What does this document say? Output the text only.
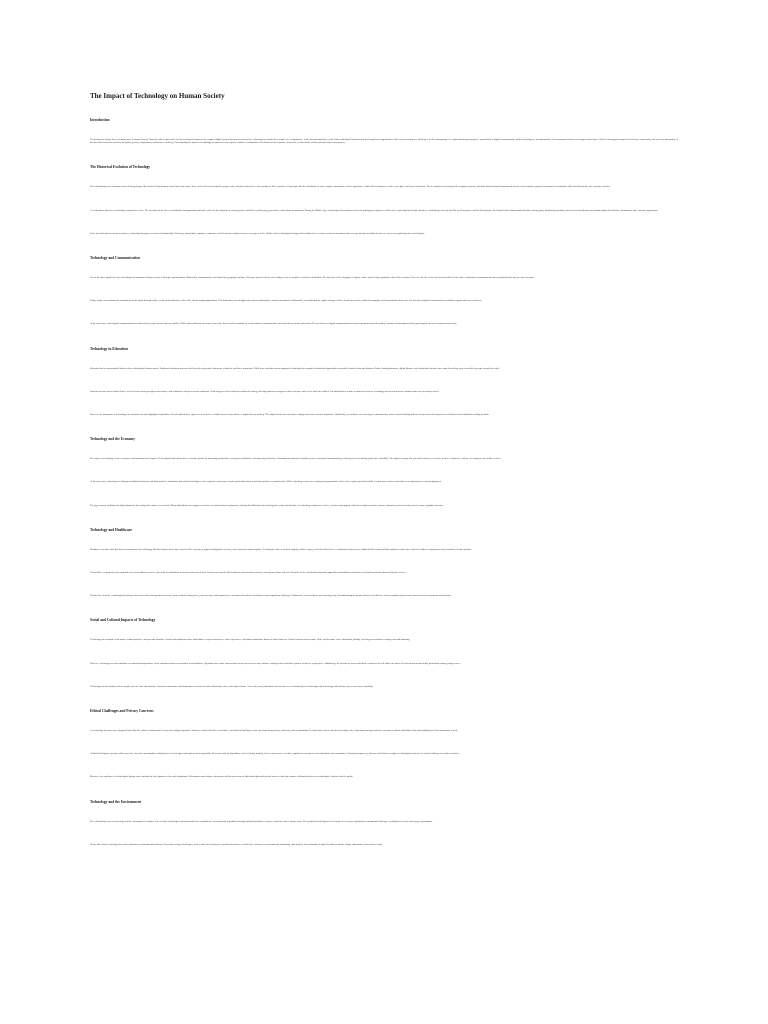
The Impact of Technology on Human Society
Introduction
Technology has always been a defining force in human history. From the earliest stone tools used by prehistoric humans to the complex digital systems that govern modern life, technology has shaped how people live, communicate, work, and understand the world. Each technological advancement has brought new opportunities while also presenting new challenges. In the contemporary era, rapid technological progress—particularly in digital communication, artificial intelligence, and automation—has transformed society at an unprecedented pace. While technology has improved efficiency, connectivity, and access to information, it has also raised concerns related to inequality, privacy, employment, and human well-being. Understanding the impact of technology on human society requires a balanced examination of its historical development, its benefits, its drawbacks, and its potential future consequences.
The Historical Evolution of Technology
The relationship between humans and technology began with survival. Early humans created tools from stone, bone, and wood to hunt animals, prepare food, and protect themselves from predators. These primitive technologies laid the foundation for more complex innovations, such as agriculture, which allowed humans to settle in one place and form civilizations. The development of farming tools, irrigation systems, and domesticated animals transformed societies from nomadic groups into structured communities with social hierarchies and economic systems.
As civilizations advanced, technology continued to evolve. The invention of the wheel revolutionized transportation and trade, while the development of writing systems enabled record-keeping, governance, and cultural transmission. During the Middle Ages, technological innovations such as the printing press played a critical role in spreading knowledge and ideas, contributing to movements like the Renaissance and the Reformation. The Industrial Revolution marked another turning point, introducing machinery that increased production and fundamentally altered labor, urbanization, and economic organization.
In the twentieth and twenty-first centuries, technological progress accelerated dramatically. Electricity, automobiles, airplanes, computers, and the internet reshaped nearly every aspect of life. Unlike earlier technological changes that unfolded over centuries, modern innovations often emerge and spread within decades or even years, amplifying their social impact.
Technology and Communication
One of the most significant ways technology has transformed human society is through communication. Historically, communication was limited by geography and time. Messages traveled slowly, often taking weeks or months to reach their destination. The invention of the telegraph, telephone, radio, and television gradually reduced these barriers. However, the rise of the internet and mobile devices has revolutionized communication more profoundly than any previous invention.
Today, people can communicate instantly across the globe through emails, social media platforms, video calls, and messaging applications. This immediacy has strengthened personal relationships, enabled international collaboration, and facilitated the rapid exchange of ideas. Social movements, political campaigns, and humanitarian efforts now rely heavily on digital communication to mobilize support and raise awareness.
At the same time, technological communication has altered how people interact with one another. While online platforms can foster connection, they can also contribute to social isolation, misinformation, and reduced face-to-face interaction. The prevalence of digital communication has raised questions about the quality of human relationships and the psychological effects of constant connectivity.
Technology in Education
Education has been profoundly influenced by technological advancements. Traditional education systems relied heavily on physical classrooms, textbooks, and direct instruction. While these methods remain important, technology has expanded educational opportunities beyond the limits of time and location. Online learning platforms, digital libraries, and educational software have made knowledge more accessible to people around the world.
Students can now attend virtual classes, access lectures from prestigious universities, and collaborate with peers across continents. Technology has also enabled personalized learning, allowing students to progress at their own pace and receive tailored feedback. For individuals in remote or underserved areas, technology has opened doors to education that were previously closed.
However, the integration of technology into education has also highlighted inequalities. Not all students have equal access to devices, reliable internet connections, or digital literacy training. This digital divide can exacerbate existing social and economic disparities. Additionally, overreliance on technology in education may reduce critical thinking skills or interpersonal development if not balanced with traditional teaching methods.
Technology and the Economy
The impact of technology on the economy is both profound and complex. Technological innovations drive economic growth by increasing productivity, creating new industries, and improving efficiency. Automation and advanced machinery have transformed manufacturing, reducing costs and making goods more affordable. The digital economy has generated entirely new sectors, such as e-commerce, software development, and online services.
At the same time, technology has disrupted traditional industries and labor markets. Automation and artificial intelligence have replaced certain types of jobs, particularly those involving repetitive or manual tasks. While technology creates new employment opportunities, these often require specialized skills, leaving some workers vulnerable to unemployment or underemployment.
The gig economy, facilitated by digital platforms, has changed the nature of work itself. Many individuals now engage in freelance or contract-based employment, offering flexibility but often lacking job security and benefits. As technology continues to evolve, societies must grapple with how to adapt economic systems, education, and social safety nets to ensure equitable outcomes.
Technology and Healthcare
Healthcare is another field that has been transformed by technology. Medical advancements have increased life expectancy, improved diagnostic accuracy, and enhanced treatment options. Technologies such as medical imaging, robotic surgery, and telemedicine have revolutionized patient care. Digital health records and data analytics enable more efficient healthcare management and personalized treatment plans.
Telemedicine, in particular, has expanded access to healthcare services, especially for individuals in rural or underserved areas. Patients can consult with healthcare professionals remotely, reducing travel time and cost. Wearable devices and health monitoring apps allow individuals to track their own health and make informed lifestyle choices.
Despite these benefits, technological healthcare also raises ethical and practical concerns. Issues related to data privacy, cybersecurity, and unequal access to advanced medical technologies remain significant challenges. Furthermore, an overreliance on technology may risk diminishing the human element of healthcare, such as empathy and personal connection between patients and providers.
Social and Cultural Impacts of Technology
Technology has reshaped social norms, cultural practices, and personal identities. Social media platforms allow individuals to express themselves, share experiences, and build communities based on shared interests. Cultural content such as music, films, and literature can be distributed globally, fostering cross-cultural exchange and understanding.
However, technology can also contribute to cultural homogenization, where dominant cultures overshadow local traditions. Algorithms that curate content based on user preferences may reinforce existing beliefs and limit exposure to diverse perspectives. Additionally, the pressure to present idealized versions of oneself online can affect self-esteem and mental health, particularly among younger users.
Technology has also influenced how people perceive time and attention. Constant notifications and information overload can lead to distraction, stress, and reduced focus. As a result, many individuals and societies are reevaluating their relationship with technology and seeking ways to use it more mindfully.
Ethical Challenges and Privacy Concerns
As technology becomes more integrated into daily life, ethical considerations become increasingly important. Advances in data collection, surveillance, and artificial intelligence raise questions about privacy, autonomy, and accountability. Personal data is often collected and analyzed by corporations and governments, sometimes without individuals fully understanding how their information is used.
Artificial intelligence systems, while powerful, can reflect and amplify existing biases if not designed and implemented responsibly. Decisions made by algorithms—such as hiring, lending, or law enforcement—can have significant consequences for individuals and communities. Ensuring transparency, fairness, and ethical oversight in technological systems is a critical challenge for modern societies.
Moreover, the rapid pace of technological change often outstrips the development of laws and regulations. Policymakers must balance innovation with the protection of individual rights and societal values, a task that requires collaboration between technologists, ethicists, and the public.
Technology and the Environment
The relationship between technology and the environment is complex. On one hand, technological advancements have contributed to environmental degradation through industrial pollution, resource extraction, and electronic waste. The production and disposal of electronic devices pose significant environmental challenges, including toxic waste and energy consumption.
On the other hand, technology also offers solutions to environmental problems. Renewable energy technologies, such as solar and wind power, provide alternatives to fossil fuels. Advances in environmental monitoring, data analysis, and sustainable design help address climate change and promote conservation efforts.
